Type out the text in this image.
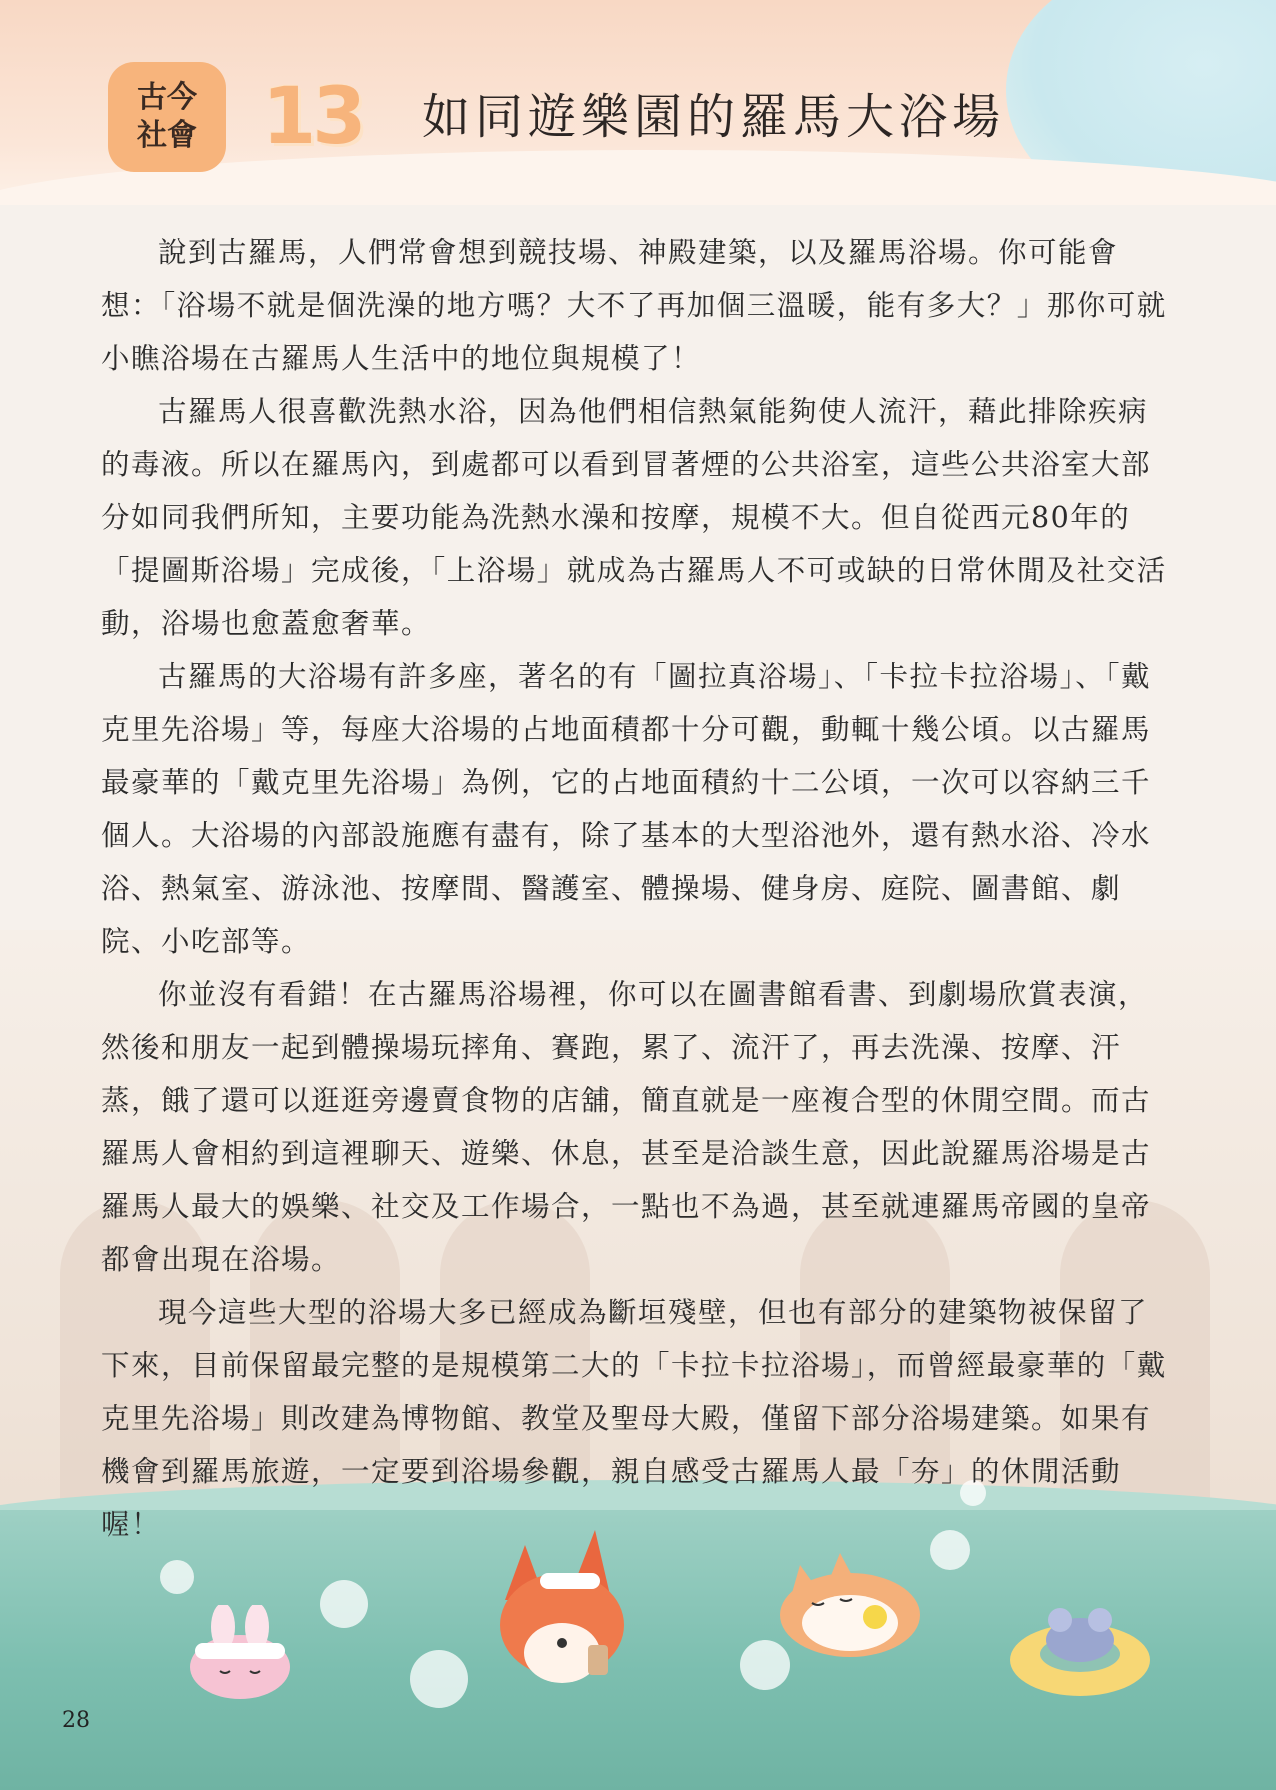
古今
社會 13 如同遊樂園的羅馬大浴場

說到古羅馬，人們常會想到競技場、神殿建築，以及羅馬浴場。你可能會想：「浴場不就是個洗澡的地方嗎？大不了再加個三溫暖，能有多大？」那你可就小瞧浴場在古羅馬人生活中的地位與規模了！

古羅馬人很喜歡洗熱水浴，因為他們相信熱氣能夠使人流汗，藉此排除疾病的毒液。所以在羅馬內，到處都可以看到冒著煙的公共浴室，這些公共浴室大部分如同我們所知，主要功能為洗熱水澡和按摩，規模不大。但自從西元80年的「提圖斯浴場」完成後，「上浴場」就成為古羅馬人不可或缺的日常休閒及社交活動，浴場也愈蓋愈奢華。

古羅馬的大浴場有許多座，著名的有「圖拉真浴場」、「卡拉卡拉浴場」、「戴克里先浴場」等，每座大浴場的占地面積都十分可觀，動輒十幾公頃。以古羅馬最豪華的「戴克里先浴場」為例，它的占地面積約十二公頃，一次可以容納三千個人。大浴場的內部設施應有盡有，除了基本的大型浴池外，還有熱水浴、冷水浴、熱氣室、游泳池、按摩間、醫護室、體操場、健身房、庭院、圖書館、劇院、小吃部等。

你並沒有看錯！在古羅馬浴場裡，你可以在圖書館看書、到劇場欣賞表演，然後和朋友一起到體操場玩摔角、賽跑，累了、流汗了，再去洗澡、按摩、汗蒸，餓了還可以逛逛旁邊賣食物的店舖，簡直就是一座複合型的休閒空間。而古羅馬人會相約到這裡聊天、遊樂、休息，甚至是洽談生意，因此說羅馬浴場是古羅馬人最大的娛樂、社交及工作場合，一點也不為過，甚至就連羅馬帝國的皇帝都會出現在浴場。

現今這些大型的浴場大多已經成為斷垣殘壁，但也有部分的建築物被保留了下來，目前保留最完整的是規模第二大的「卡拉卡拉浴場」，而曾經最豪華的「戴克里先浴場」則改建為博物館、教堂及聖母大殿，僅留下部分浴場建築。如果有機會到羅馬旅遊，一定要到浴場參觀，親自感受古羅馬人最「夯」的休閒活動喔！

28
